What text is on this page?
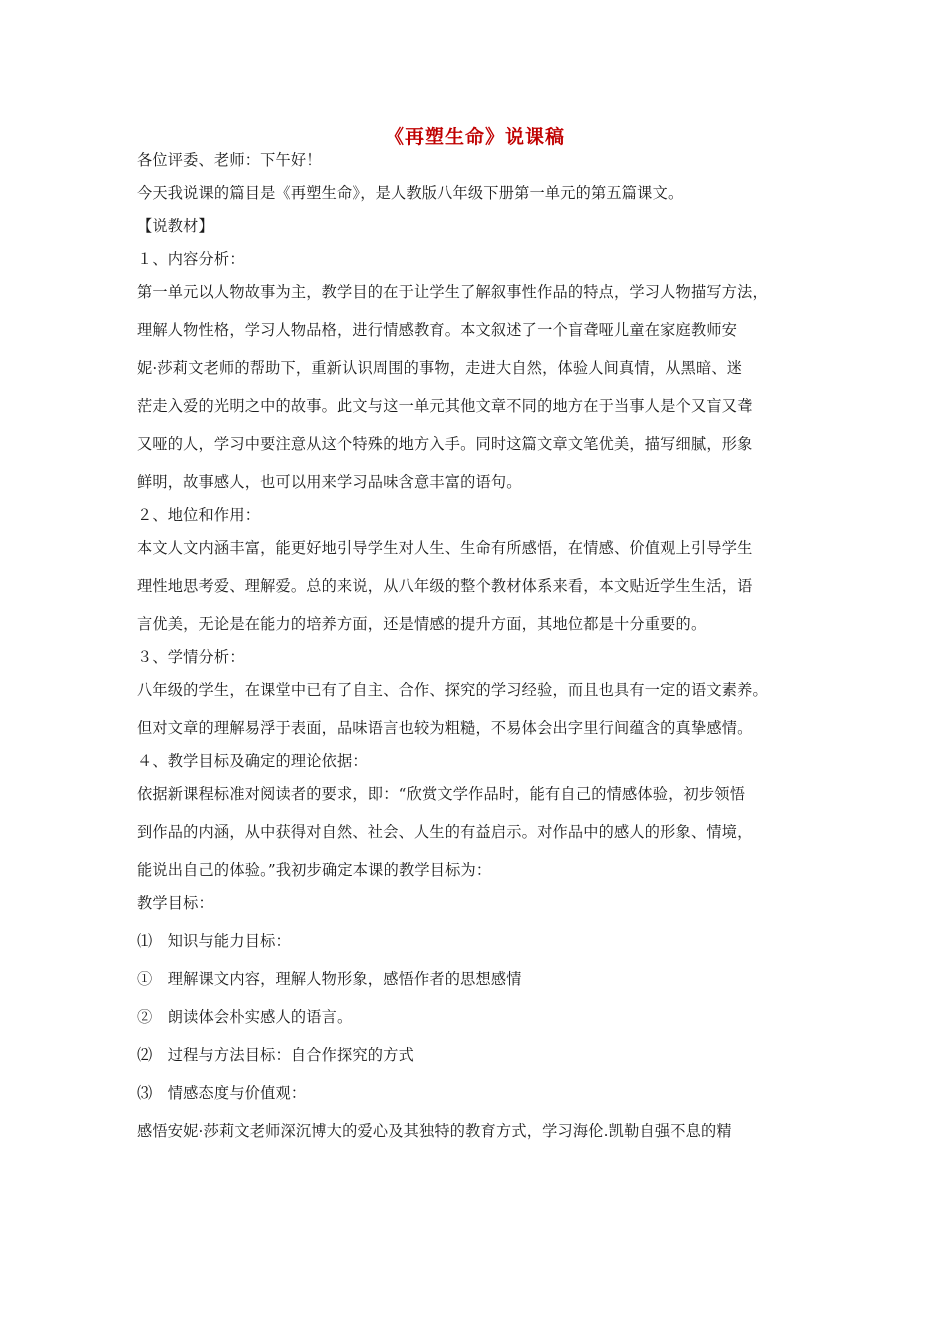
《再塑生命》说课稿
各位评委、老师：下午好！
今天我说课的篇目是《再塑生命》，是人教版八年级下册第一单元的第五篇课文。
【说教材】
１、内容分析：
第一单元以人物故事为主，教学目的在于让学生了解叙事性作品的特点，学习人物描写方法，
理解人物性格，学习人物品格，进行情感教育。本文叙述了一个盲聋哑儿童在家庭教师安
妮·莎莉文老师的帮助下，重新认识周围的事物，走进大自然，体验人间真情，从黑暗、迷
茫走入爱的光明之中的故事。此文与这一单元其他文章不同的地方在于当事人是个又盲又聋
又哑的人，学习中要注意从这个特殊的地方入手。同时这篇文章文笔优美，描写细腻，形象
鲜明，故事感人，也可以用来学习品味含意丰富的语句。
２、地位和作用：
本文人文内涵丰富，能更好地引导学生对人生、生命有所感悟，在情感、价值观上引导学生
理性地思考爱、理解爱。总的来说，从八年级的整个教材体系来看，本文贴近学生生活，语
言优美，无论是在能力的培养方面，还是情感的提升方面，其地位都是十分重要的。
３、学情分析：
八年级的学生，在课堂中已有了自主、合作、探究的学习经验，而且也具有一定的语文素养。
但对文章的理解易浮于表面，品味语言也较为粗糙，不易体会出字里行间蕴含的真挚感情。
４、教学目标及确定的理论依据：
依据新课程标准对阅读者的要求，即：“欣赏文学作品时，能有自己的情感体验，初步领悟
到作品的内涵，从中获得对自然、社会、人生的有益启示。对作品中的感人的形象、情境，
能说出自己的体验。”我初步确定本课的教学目标为：
教学目标：
⑴　知识与能力目标：
①　理解课文内容，理解人物形象，感悟作者的思想感情
②　朗读体会朴实感人的语言。
⑵　过程与方法目标：自合作探究的方式
⑶　情感态度与价值观：
感悟安妮·莎莉文老师深沉博大的爱心及其独特的教育方式，学习海伦.凯勒自强不息的精
